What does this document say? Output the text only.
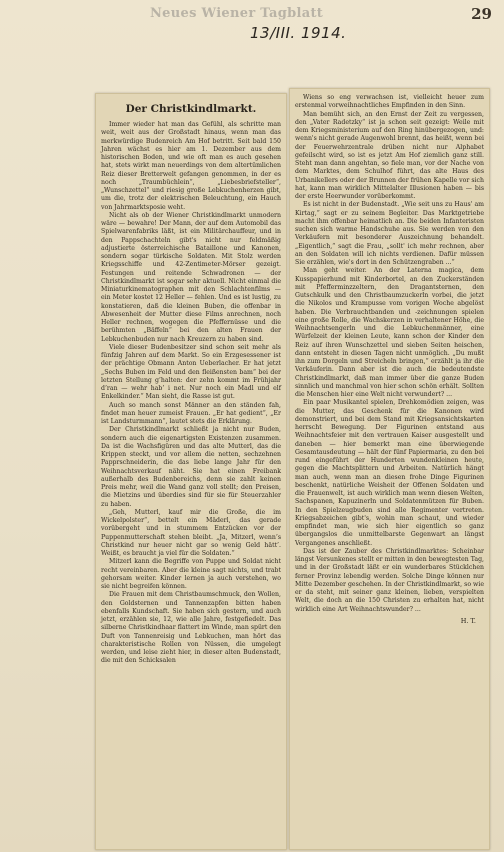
Neues Wiener Tagblatt	29
13/III. 1914.
Der Christkindlmarkt.

Immer wieder hat man das Gefühl, als schritte man weit, weit aus der Großstadt hinaus, wenn man das merkwürdige Budenreich Am Hof betritt. Seit bald 150 Jahren wächst es hier am 1. Dezember aus dem historischen Boden, und wie oft man es auch gesehen hat, stets wirkt man neuerdings von dem altertümlichen Reiz dieser Bretterwelt gefangen genommen, in der es noch „Traumbüchlein“, „Liebesbriefsteller“, „Wunschzettel“ und riesig große Lebkuchenherzen gibt, um die, trotz der elektrischen Beleuchtung, ein Hauch von Jahrmarktsposie weht.

Nicht als ob der Wiener Christkindlmarkt unmodern wäre — bewahre! Der Mann, der auf dem Automobil das Spielwarenfabriks läßt, ist ein Militärchauffeur, und in den Pappschachteln gibt's nicht nur feldmäßig adjustierte österreichische Bataillone und Kanonen, sondern sogar türkische Soldaten. Mit Stolz werden Kriegsschiffe und 42-Zentimeter-Mörser gezeigt. Festungen und reitende Schwadronen — der Christkindlmarkt ist sogar sehr aktuell. Nicht einmal die Miniaturkinematographen mit den Schlachtenfilms — ein Meter kostet 12 Heller — fehlen. Und es ist lustig, zu konstatieren, daß die kleinen Buben, die offenbar in Abwesenheit der Mutter diese Films anrechnen, noch Heller rechnen, wogegen die Pfeffernüsse und die berühmten „Bäffeln“ bei den alten Frauen der Lebkuchenbuden nur nach Kreuzern zu haben sind.

Viele dieser Budenbesitzer sind schon seit mehr als fünfzig Jahren auf dem Markt. So ein Erzgesessener ist der prächtige Obmann Anton Ueberlacher. Er hat jetzt „Sechs Buben im Feld und den fleißensten bam“ bei der letzten Stellung g’halten: der zehn kommt im Frühjahr d’ran — wehr hab’ i net. Nur noch ein Madl und elf Enkelkinder.“ Man sieht, die Rasse ist gut.

Auch so manch sonst Männer an den ständen fah, findet man heuer zumeist Frauen. „Er hat gedient“, „Er ist Landsturmmann“, lautet stets die Erklärung.

Der Christkindlmarkt schließt ja nicht nur Buden, sondern auch die eigenartigsten Existenzen zusammen. Da ist die Wachsfigüren und das alte Mutterl, das die Krippen steckt, und vor allem die netten, sechzehnen Papprschneiderin, die das liebe lange Jahr für den Weihnachtsverkauf näht. Sie hat einen Freibank außerhalb des Budenbereichs, denn sie zahlt keinen Preis mehr, weil die Wand ganz voll stellt; den Preisen, die Mietzins und überdies sind für sie für Steuerzahler zu haben.

„Geh, Mutterl, kauf mir die Große, die im Wickelpolster“, bettelt ein Mäderl, das gerade vorübergeht und in stummem Entzücken vor der Puppenmutterschaft stehen bleibt. „Ja, Mitzerl, wenn’s Christkind nur heuer nicht gar so wenig Geld hätt’. Weißt, es braucht ja viel für die Soldaten.“

Mitzerl kann die Begriffe von Puppe und Soldat nicht recht vereinbaren. Aber die kleine sagt nichts, und trabt gehorsam weiter. Kinder lernen ja auch verstehen, wo sie nicht begreifen können.

Die Frauen mit dem Christbaumschmuck, den Wollen, den Goldsternen und Tannenzapfen bitten haben ebenfalls Kundschaft. Sie haben sich gestern, und auch jetzt, erzählen sie, 12, wie alle Jahre, festgefiedelt. Das silberne Christkindhaar flattert im Winde, man spürt den Duft von Tannenreisig und Lebkuchen, man hört das charakteristische Rollen von Nüssen, die umgelegt werden, und leise zieht hier, in dieser alten Budenstadt, die mit den Schicksalen

Wiens so eng verwachsen ist, vielleicht heuer zum erstenmal vorweihnachtliches Empfinden in den Sinn.

Man bemüht sich, an den Ernst der Zeit zu vergessen, den „Vater Radetzky“ ist ja schon seit gezeigt: Weile mit dem Kriegsministerium auf den Ring hinübergezogen, und: wenn's nicht gerade Augenwohl brennt, das heißt, wenn bei der Feuerwehrzentrale drüben nicht nur Alphabet gefeilscht wird, so ist es jetzt Am Hof ziemlich ganz still. Steht man dann angehtan, so fiele man, vor der Nache von dem Marktes, dem Schulhof führt, das alte Haus des Urbanikellers oder der Brunnen der frühen Kapelle vor sich hat, kann man wirklich Mittelalter Illusionen haben — bis der erste Heerwunder vorüberkommt.

Es ist nicht in der Budenstadt. „Wie seit uns zu Haus' am Kirtag,“ sagt er zu seinem Begleiter. Das Marktgetriebe macht ihm offenbar heimatlich an. Die beiden Infanteristen suchen sich warme Handschuhe aus. Sie werden von den Verkäufern mit besonderer Auszeichnung behandelt. „Eigentlich,“ sagt die Frau, „sollt' ich mehr rechnen, aber an den Soldaten will ich nichts verdienen. Dafür müssen Sie erzählen, wie's dort in den Schützengraben ...“

Man geht weiter. An der Laterna magica, dem Kusspapierhund mit Kinderbortel, an den Zuckerständen mit Pfefferminzzeltern, den Dragantsternen, den Gutschkulk und den Christbaumzuckerln vorbei, die jetzt die Nikolos und Krampusse vom vorigen Woche abgelöst haben. Die Verbrauchtbanden und -zeichnungen spielen eine große Rolle, die Wachskerzen in verhaltener Höhe, die Weihnachtsengerln und die Lebkuchenmänner, eine Würfelzeit der kleinen Leute, kann schon der Kinder den Reiz auf ihren Wunschzettel und sieben Seiten heischen, dann entsteht in diesen Tagen nicht unmöglich. „Du mußt ihn zum Dorgeln und Streicheln bringen,“ erzählt ja ihr die Verkäuferin. Dann aber ist die auch die bedeutendste Christkindlmarkt, daß man immer über die ganze Buden sinnlich und manchmal von hier schon schön erhält. Sollten die Menschen hier eine Welt nicht verwundert? ...

Ein paar Musikantel spielen, Drehkomödien zeigen, was die Mutter, das Geschenk für die Kanonen wird demonstriert, und bei dem Stand mit Kriegsansichtskarten herrscht Bewegung. Der Figurinen entstand aus Weihnachtsfeier mit den vertrauen Kaiser ausgestellt und daneben — hier bemerkt man eine überwiegende Gesamtausdeutung — hält der fünf Papiermaria, zu den bei rund eingeführt der Hunderten wundenkleinen heute, gegen die Machtsplittern und Arbeiten. Natürlich hängt man auch, wenn man an diesen frohe Dinge Figurinen beschenkt, natürliche Weisheit der Offenen Soldaten und die Frauenwelt, ist auch wirklich man wenn diesen Welten, Sachspanen, Kapuzinerln und Soldatenmützen für Buben. In den Spielzeugbuden sind alle Regimenter vertreten. Kriegsabzeichen gibt's, wohin man schaut, und wieder empfindet man, wie sich hier eigentlich so ganz übergangslos die unmittelbarste Gegenwart an längst Vergangenes anschließt.

Das ist der Zauber des Christkindlmarktes: Scheinbar längst Versunkenes stellt er mitten in den bewegtesten Tag, und in der Großstadt läßt er ein wunderbares Stücklchen ferner Provinz lebendig werden. Solche Dinge können nur Mitte Dezember geschehen. In der Christkindlmarkt, so wie er da steht, mit seiner ganz kleinen, lieben, verspielten Welt, die doch an die 150 Christen zu erhalten hat, nicht wirklich eine Art Weihnachtswunder? ...

H. T.
